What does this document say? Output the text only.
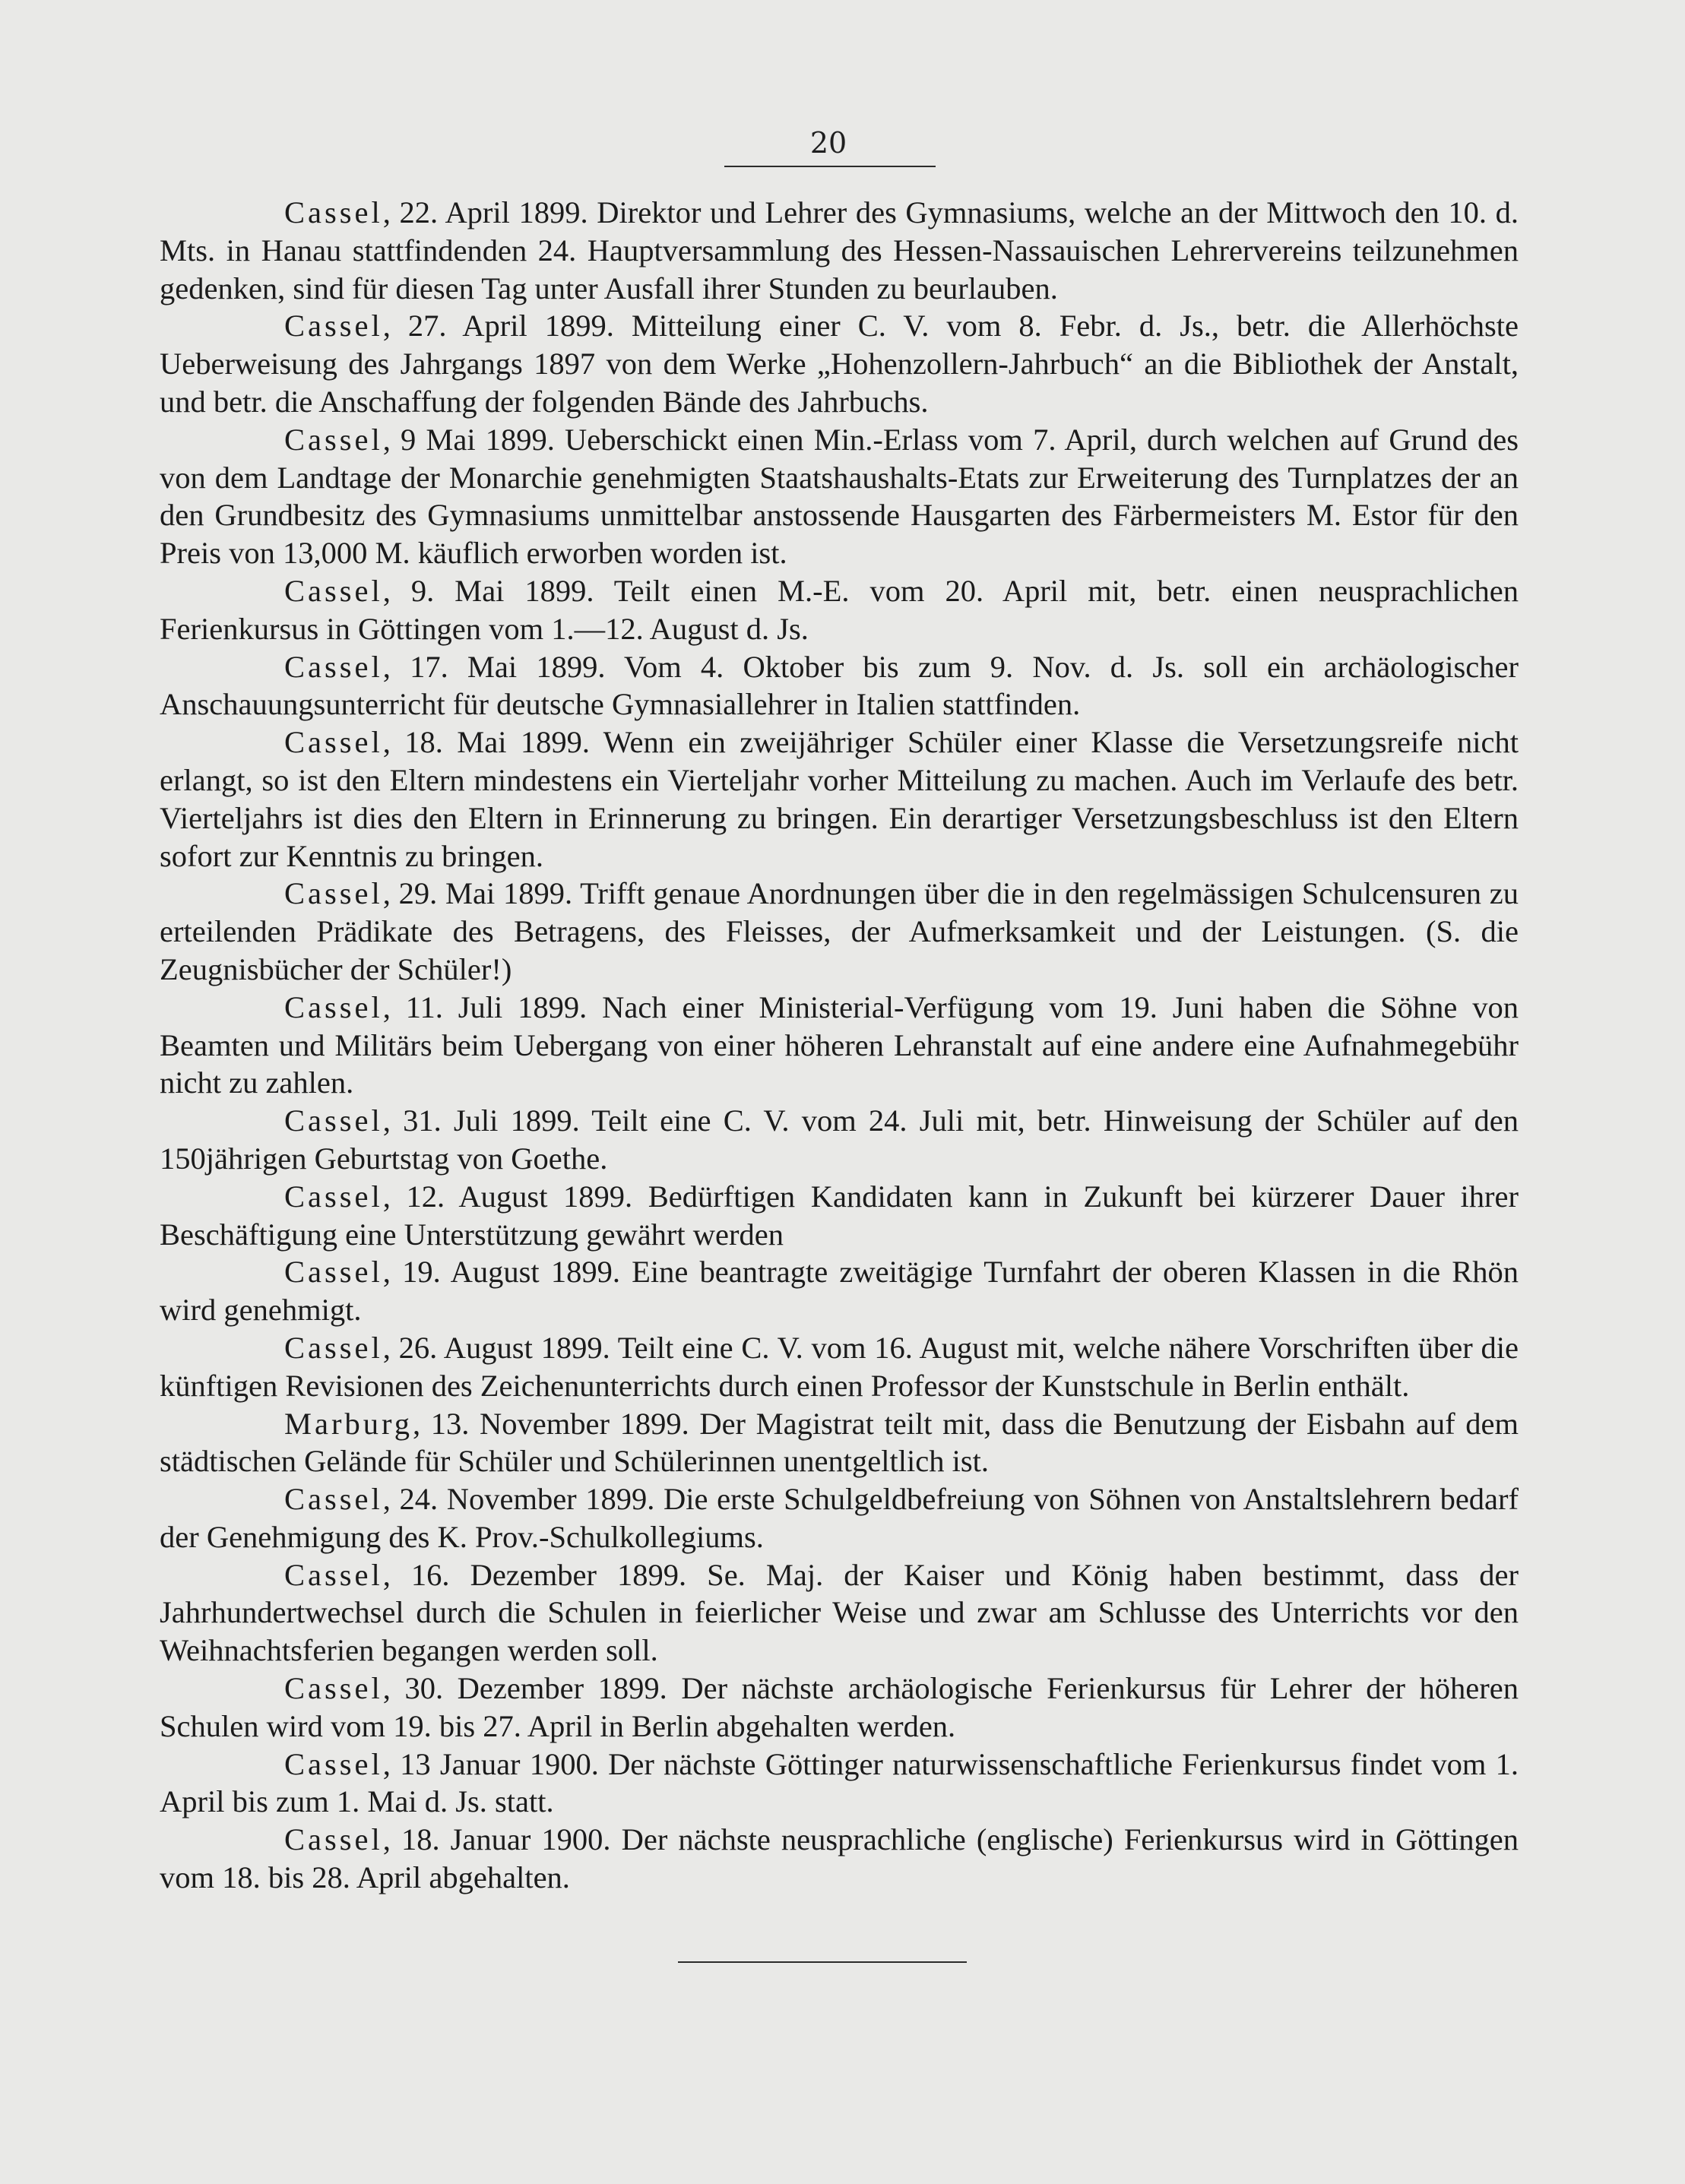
20

Cassel, 22. April 1899. Direktor und Lehrer des Gymnasiums, welche an der Mittwoch den 10. d. Mts. in Hanau stattfindenden 24. Hauptversammlung des Hessen-Nassauischen Lehrervereins teilzunehmen gedenken, sind für diesen Tag unter Ausfall ihrer Stunden zu beurlauben.

Cassel, 27. April 1899. Mitteilung einer C. V. vom 8. Febr. d. Js., betr. die Allerhöchste Ueberweisung des Jahrgangs 1897 von dem Werke „Hohenzollern-Jahrbuch“ an die Bibliothek der Anstalt, und betr. die Anschaffung der folgenden Bände des Jahrbuchs.

Cassel, 9 Mai 1899. Ueberschickt einen Min.-Erlass vom 7. April, durch welchen auf Grund des von dem Landtage der Monarchie genehmigten Staatshaushalts-Etats zur Erweiterung des Turnplatzes der an den Grundbesitz des Gymnasiums unmittelbar anstossende Hausgarten des Färbermeisters M. Estor für den Preis von 13,000 M. käuflich erworben worden ist.

Cassel, 9. Mai 1899. Teilt einen M.-E. vom 20. April mit, betr. einen neusprachlichen Ferienkursus in Göttingen vom 1.—12. August d. Js.

Cassel, 17. Mai 1899. Vom 4. Oktober bis zum 9. Nov. d. Js. soll ein archäologischer Anschauungsunterricht für deutsche Gymnasiallehrer in Italien stattfinden.

Cassel, 18. Mai 1899. Wenn ein zweijähriger Schüler einer Klasse die Versetzungsreife nicht erlangt, so ist den Eltern mindestens ein Vierteljahr vorher Mitteilung zu machen. Auch im Verlaufe des betr. Vierteljahrs ist dies den Eltern in Erinnerung zu bringen. Ein derartiger Versetzungsbeschluss ist den Eltern sofort zur Kenntnis zu bringen.

Cassel, 29. Mai 1899. Trifft genaue Anordnungen über die in den regelmässigen Schulcensuren zu erteilenden Prädikate des Betragens, des Fleisses, der Aufmerksamkeit und der Leistungen. (S. die Zeugnisbücher der Schüler!)

Cassel, 11. Juli 1899. Nach einer Ministerial-Verfügung vom 19. Juni haben die Söhne von Beamten und Militärs beim Uebergang von einer höheren Lehranstalt auf eine andere eine Aufnahmegebühr nicht zu zahlen.

Cassel, 31. Juli 1899. Teilt eine C. V. vom 24. Juli mit, betr. Hinweisung der Schüler auf den 150jährigen Geburtstag von Goethe.

Cassel, 12. August 1899. Bedürftigen Kandidaten kann in Zukunft bei kürzerer Dauer ihrer Beschäftigung eine Unterstützung gewährt werden

Cassel, 19. August 1899. Eine beantragte zweitägige Turnfahrt der oberen Klassen in die Rhön wird genehmigt.

Cassel, 26. August 1899. Teilt eine C. V. vom 16. August mit, welche nähere Vorschriften über die künftigen Revisionen des Zeichenunterrichts durch einen Professor der Kunstschule in Berlin enthält.

Marburg, 13. November 1899. Der Magistrat teilt mit, dass die Benutzung der Eisbahn auf dem städtischen Gelände für Schüler und Schülerinnen unentgeltlich ist.

Cassel, 24. November 1899. Die erste Schulgeldbefreiung von Söhnen von Anstaltslehrern bedarf der Genehmigung des K. Prov.-Schulkollegiums.

Cassel, 16. Dezember 1899. Se. Maj. der Kaiser und König haben bestimmt, dass der Jahrhundertwechsel durch die Schulen in feierlicher Weise und zwar am Schlusse des Unterrichts vor den Weihnachtsferien begangen werden soll.

Cassel, 30. Dezember 1899. Der nächste archäologische Ferienkursus für Lehrer der höheren Schulen wird vom 19. bis 27. April in Berlin abgehalten werden.

Cassel, 13 Januar 1900. Der nächste Göttinger naturwissenschaftliche Ferienkursus findet vom 1. April bis zum 1. Mai d. Js. statt.

Cassel, 18. Januar 1900. Der nächste neusprachliche (englische) Ferienkursus wird in Göttingen vom 18. bis 28. April abgehalten.
